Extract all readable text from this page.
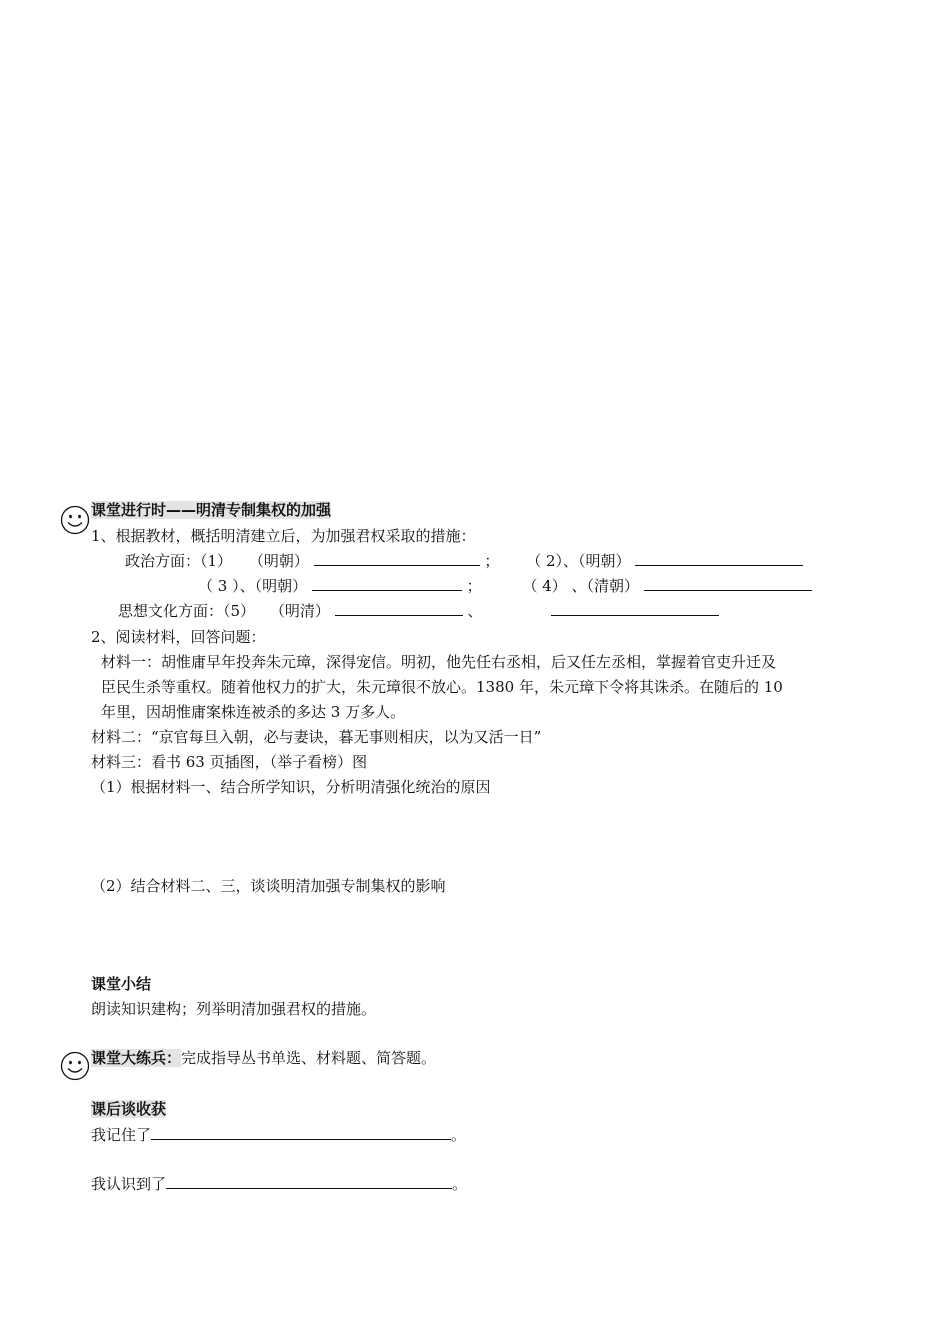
课堂进行时——明清专制集权的加强
1、根据教材，概括明清建立后，为加强君权采取的措施：
政治方面：（1） （明朝）	； （ 2）、（明朝）
（ 3 ）、（明朝）	；	（ 4） 、（清朝）
思想文化方面：（5） （明清）	、
2、阅读材料，回答问题：
材料一：胡惟庸早年投奔朱元璋，深得宠信。明初，他先任右丞相，后又任左丞相，掌握着官吏升迁及
臣民生杀等重权。随着他权力的扩大，朱元璋很不放心。1380 年，朱元璋下令将其诛杀。在随后的 10
年里，因胡惟庸案株连被杀的多达 3 万多人。
材料二：“京官每旦入朝，必与妻诀，暮无事则相庆，以为又活一日”
材料三：看书 63 页插图，（举子看榜）图
（1）根据材料一、结合所学知识，分析明清强化统治的原因
（2）结合材料二、三，谈谈明清加强专制集权的影响
课堂小结
朗读知识建构；列举明清加强君权的措施。
课堂大练兵：完成指导丛书单选、材料题、简答题。
课后谈收获
我记住了	。
我认识到了	。
